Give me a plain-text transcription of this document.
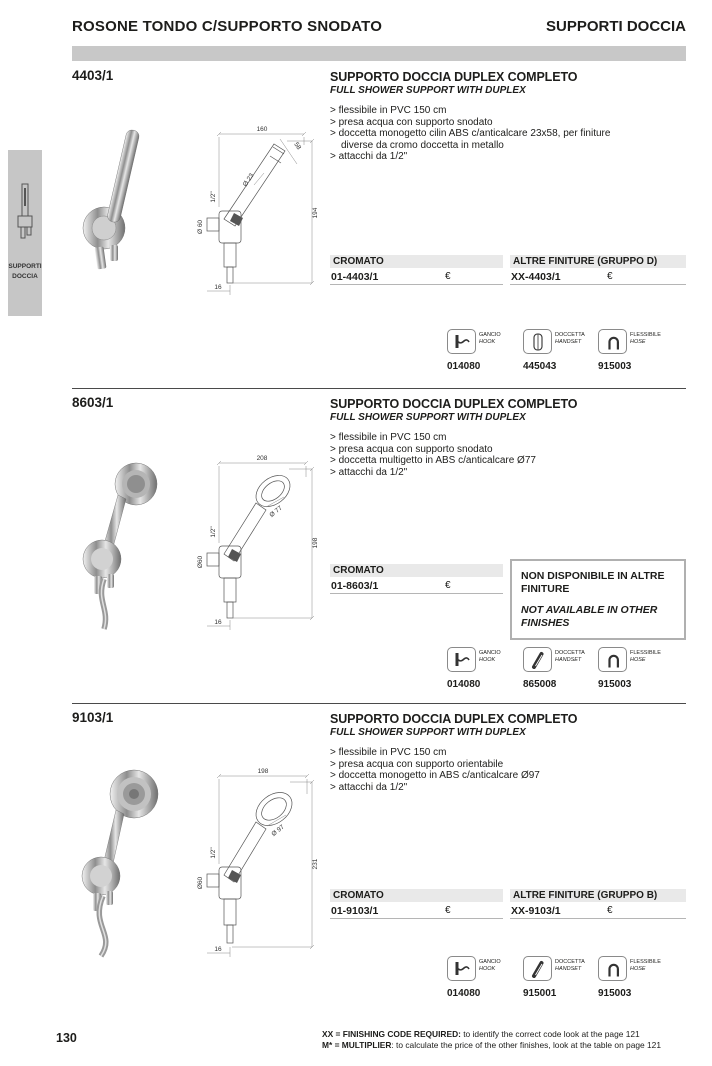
ROSONE TONDO C/SUPPORTO SNODATO	SUPPORTI DOCCIA
SUPPORTI
DOCCIA
4403/1	SUPPORTO DOCCIA DUPLEX COMPLETO
FULL SHOWER SUPPORT WITH DUPLEX
> flessibile in PVC 150 cm
> presa acqua con supporto snodato
> doccetta monogetto cilin ABS c/anticalcare 23x58, per finiture
diverse da cromo doccetta in metallo
> attacchi da 1/2"
160
194
58
Ø 23
1/2"
Ø 60
16
CROMATO
01-4403/1	€
ALTRE FINITURE (GRUPPO D)
XX-4403/1	€
GANCIO
HOOK
014080
DOCCETTA
HANDSET
445043
FLESSIBILE
HOSE
915003
8603/1	SUPPORTO DOCCIA DUPLEX COMPLETO
FULL SHOWER SUPPORT WITH DUPLEX
> flessibile in PVC 150 cm
> presa acqua con supporto snodato
> doccetta multigetto in ABS c/anticalcare Ø77
> attacchi da 1/2"
208
198
Ø 77
1/2"
Ø60
16
CROMATO
01-8603/1	€
NON DISPONIBILE IN ALTRE FINITURE
NOT AVAILABLE IN OTHER FINISHES
GANCIO
HOOK
014080
DOCCETTA
HANDSET
865008
FLESSIBILE
HOSE
915003
9103/1	SUPPORTO DOCCIA DUPLEX COMPLETO
FULL SHOWER SUPPORT WITH DUPLEX
> flessibile in PVC 150 cm
> presa acqua con supporto orientabile
> doccetta monogetto in ABS c/anticalcare Ø97
> attacchi da 1/2"
198
231
Ø 97
1/2"
Ø60
16
CROMATO
01-9103/1	€
ALTRE FINITURE (GRUPPO B)
XX-9103/1	€
GANCIO
HOOK
014080
DOCCETTA
HANDSET
915001
FLESSIBILE
HOSE
915003
130	XX = FINISHING CODE REQUIRED: to identify the correct code look at the page 121
M* = MULTIPLIER: to calculate the price of the other finishes, look at the table on page 121
